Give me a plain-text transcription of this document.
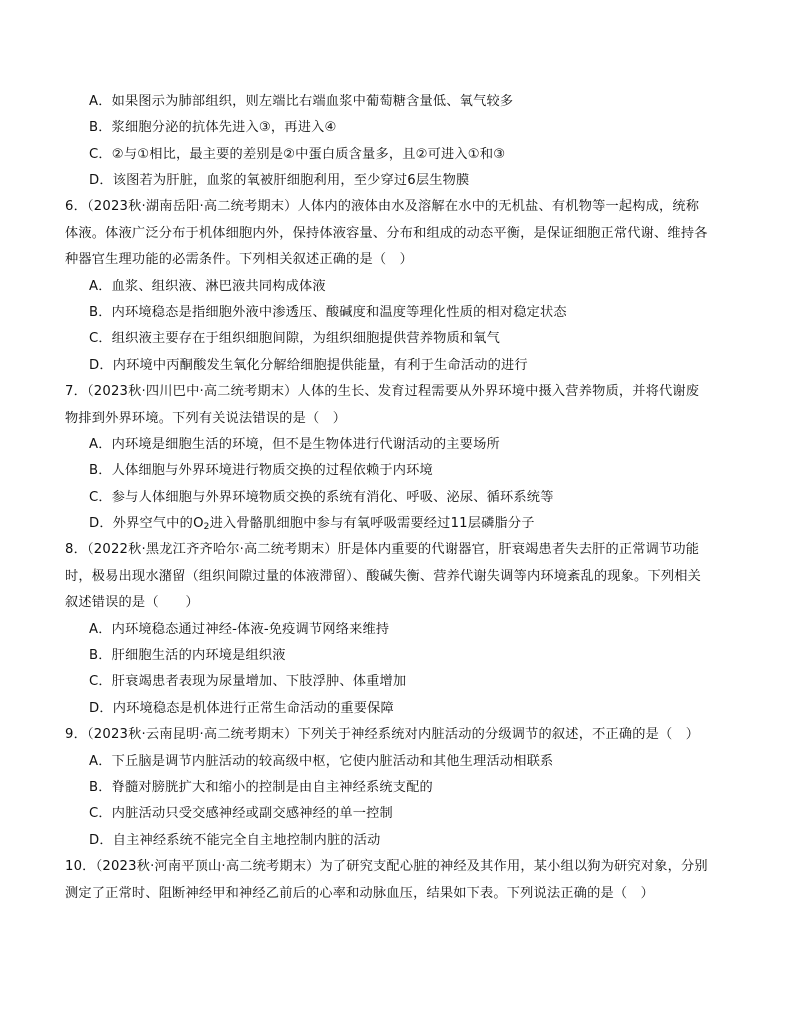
A．如果图示为肺部组织，则左端比右端血浆中葡萄糖含量低、氧气较多
B．浆细胞分泌的抗体先进入③，再进入④
C．②与①相比，最主要的差别是②中蛋白质含量多，且②可进入①和③
D．该图若为肝脏，血浆的氧被肝细胞利用，至少穿过6层生物膜
6．（2023秋·湖南岳阳·高二统考期末）人体内的液体由水及溶解在水中的无机盐、有机物等一起构成，统称
体液。体液广泛分布于机体细胞内外，保持体液容量、分布和组成的动态平衡，是保证细胞正常代谢、维持各
种器官生理功能的必需条件。下列相关叙述正确的是（　）
A．血浆、组织液、淋巴液共同构成体液
B．内环境稳态是指细胞外液中渗透压、酸碱度和温度等理化性质的相对稳定状态
C．组织液主要存在于组织细胞间隙，为组织细胞提供营养物质和氧气
D．内环境中丙酮酸发生氧化分解给细胞提供能量，有利于生命活动的进行
7．（2023秋·四川巴中·高二统考期末）人体的生长、发育过程需要从外界环境中摄入营养物质，并将代谢废
物排到外界环境。下列有关说法错误的是（　）
A．内环境是细胞生活的环境，但不是生物体进行代谢活动的主要场所
B．人体细胞与外界环境进行物质交换的过程依赖于内环境
C．参与人体细胞与外界环境物质交换的系统有消化、呼吸、泌尿、循环系统等
D．外界空气中的$O_2$进入骨骼肌细胞中参与有氧呼吸需要经过11层磷脂分子
8．（2022秋·黑龙江齐齐哈尔·高二统考期末）肝是体内重要的代谢器官，肝衰竭患者失去肝的正常调节功能
时，极易出现水潴留（组织间隙过量的体液滞留）、酸碱失衡、营养代谢失调等内环境紊乱的现象。下列相关
叙述错误的是（　　）
A．内环境稳态通过神经-体液-免疫调节网络来维持
B．肝细胞生活的内环境是组织液
C．肝衰竭患者表现为尿量增加、下肢浮肿、体重增加
D．内环境稳态是机体进行正常生命活动的重要保障
9．（2023秋·云南昆明·高二统考期末）下列关于神经系统对内脏活动的分级调节的叙述，不正确的是（　）
A．下丘脑是调节内脏活动的较高级中枢，它使内脏活动和其他生理活动相联系
B．脊髓对膀胱扩大和缩小的控制是由自主神经系统支配的
C．内脏活动只受交感神经或副交感神经的单一控制
D．自主神经系统不能完全自主地控制内脏的活动
10．（2023秋·河南平顶山·高二统考期末）为了研究支配心脏的神经及其作用，某小组以狗为研究对象，分别
测定了正常时、阻断神经甲和神经乙前后的心率和动脉血压，结果如下表。下列说法正确的是（　）
